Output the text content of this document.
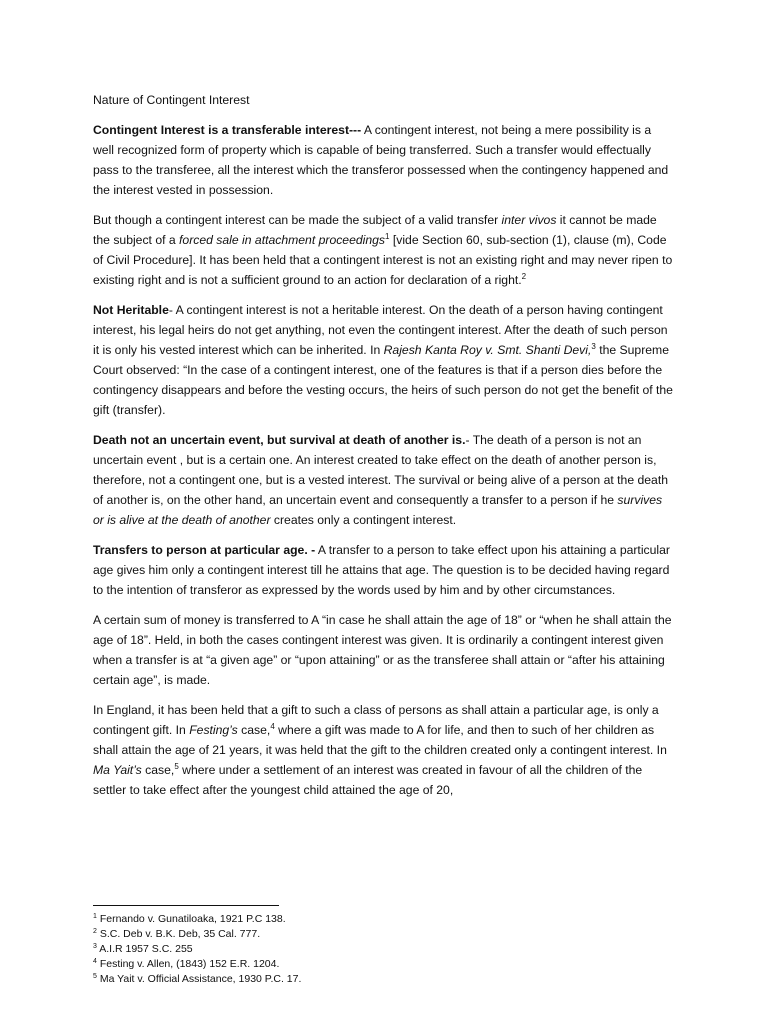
Nature of Contingent Interest

Contingent Interest is a transferable interest--- A contingent interest, not being a mere possibility is a well recognized form of property which is capable of being transferred. Such a transfer would effectually pass to the transferee, all the interest which the transferor possessed when the contingency happened and the interest vested in possession.

But though a contingent interest can be made the subject of a valid transfer inter vivos it cannot be made the subject of a forced sale in attachment proceedings$^1$ [vide Section 60, sub-section (1), clause (m), Code of Civil Procedure]. It has been held that a contingent interest is not an existing right and may never ripen to existing right and is not a sufficient ground to an action for declaration of a right.$^2$

Not Heritable- A contingent interest is not a heritable interest. On the death of a person having contingent interest, his legal heirs do not get anything, not even the contingent interest. After the death of such person it is only his vested interest which can be inherited. In Rajesh Kanta Roy v. Smt. Shanti Devi,$^3$ the Supreme Court observed: “In the case of a contingent interest, one of the features is that if a person dies before the contingency disappears and before the vesting occurs, the heirs of such person do not get the benefit of the gift (transfer).

Death not an uncertain event, but survival at death of another is.- The death of a person is not an uncertain event , but is a certain one. An interest created to take effect on the death of another person is, therefore, not a contingent one, but is a vested interest. The survival or being alive of a person at the death of another is, on the other hand, an uncertain event and consequently a transfer to a person if he survives or is alive at the death of another creates only a contingent interest.

Transfers to person at particular age. - A transfer to a person to take effect upon his attaining a particular age gives him only a contingent interest till he attains that age. The question is to be decided having regard to the intention of transferor as expressed by the words used by him and by other circumstances.

A certain sum of money is transferred to A “in case he shall attain the age of 18” or “when he shall attain the age of 18”. Held, in both the cases contingent interest was given. It is ordinarily a contingent interest given when a transfer is at “a given age” or “upon attaining” or as the transferee shall attain or “after his attaining certain age”, is made.

In England, it has been held that a gift to such a class of persons as shall attain a particular age, is only a contingent gift. In Festing’s case,$^4$ where a gift was made to A for life, and then to such of her children as shall attain the age of 21 years, it was held that the gift to the children created only a contingent interest. In Ma Yait’s case,$^5$ where under a settlement of an interest was created in favour of all the children of the settler to take effect after the youngest child attained the age of 20,

$^1$ Fernando v. Gunatiloaka, 1921 P.C 138.

$^2$ S.C. Deb v. B.K. Deb, 35 Cal. 777.

$^3$ A.I.R 1957 S.C. 255

$^4$ Festing v. Allen, (1843) 152 E.R. 1204.

$^5$ Ma Yait v. Official Assistance, 1930 P.C. 17.
